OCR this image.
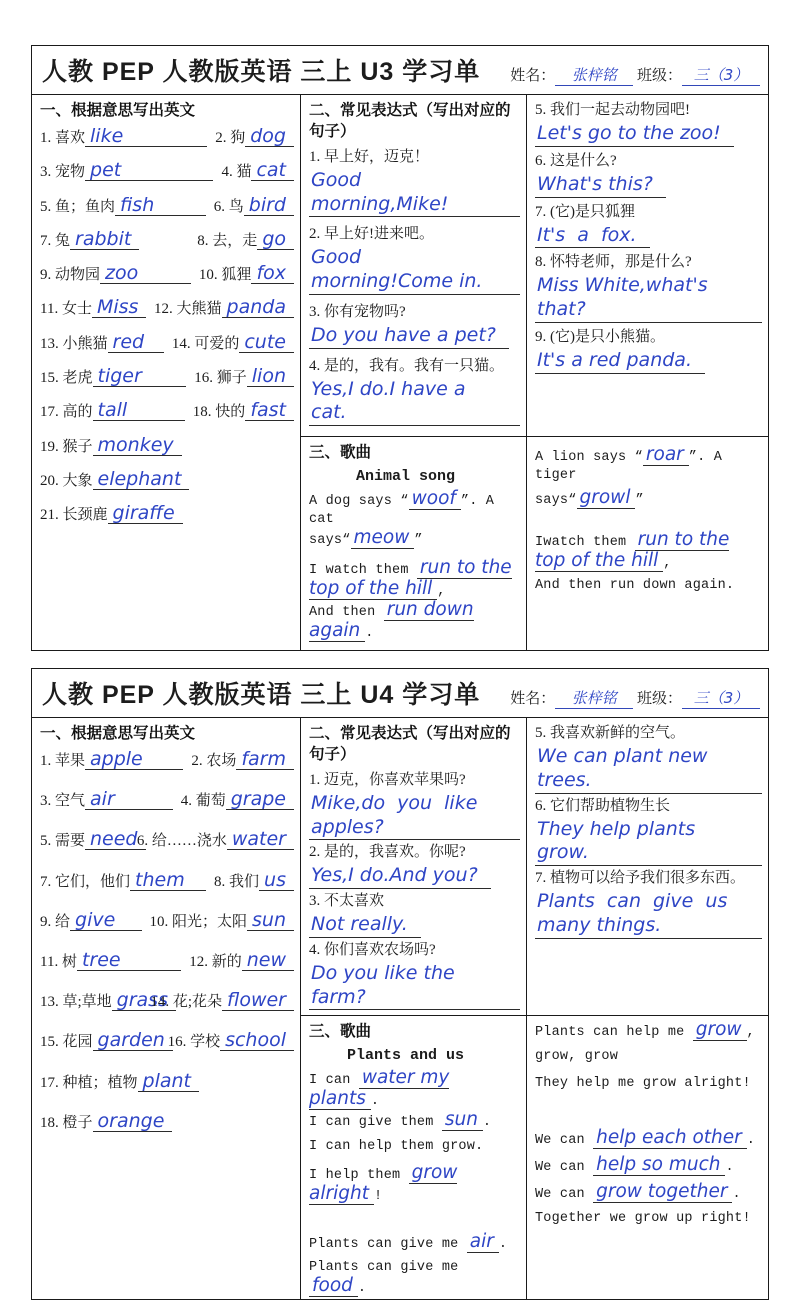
人教 PEP 人教版英语 三上 U3 学习单 姓名： 张梓铭 班级： 三（3）		

一、根据意思写出英文
1. 喜欢 like	2. 狗 dog
3. 宠物 pet	4. 猫 cat
5. 鱼；鱼肉 fish	6. 鸟 bird
7. 兔 rabbit	8. 去，走 go
9. 动物园 zoo	10. 狐狸 fox
11. 女士 Miss	12. 大熊猫 panda
13. 小熊猫 red	14. 可爱的 cute
15. 老虎 tiger	16. 狮子 lion
17. 高的 tall	18. 快的 fast
19. 猴子 monkey
20. 大象 elephant
21. 长颈鹿 giraffe

二、常见表达式（写出对应的句子）
1. 早上好，迈克！
Good  morning,Mike!
2. 早上好!进来吧。
Good morning!Come in.
3. 你有宠物吗?
Do you have a pet?
4. 是的，我有。我有一只猫。
Yes,I do.I have a cat.

5. 我们一起去动物园吧!
Let's go to the zoo!
6. 这是什么?
What's this?
7. (它)是只狐狸
It's  a  fox.
8. 怀特老师，那是什么?
Miss White,what's that?
9. (它)是只小熊猫。
It's a red panda.

三、歌曲
Animal song
A dog says “ woof ”. A cat
says“ meow ”
I watch them run to the top of the hill ,
And then run down again .

A lion says “ roar ”. A tiger
says“ growl ”
Iwatch them run to the top of the hill ,
And then run down again.
人教 PEP 人教版英语 三上 U4 学习单 姓名： 张梓铭 班级： 三（3）		

一、根据意思写出英文
1. 苹果 apple	2. 农场 farm
3. 空气 air	4. 葡萄 grape
5. 需要 need 6. 给……浇水 water
7. 它们，他们 them	8. 我们 us
9. 给 give	10. 阳光；太阳 sun
11. 树 tree	12. 新的 new
13. 草;草地 grass
14. 花;花朵 flower
15. 花园 garden 16. 学校 school
17. 种植；植物 plant
18. 橙子 orange

二、常见表达式（写出对应的句子）
1. 迈克，你喜欢苹果吗?
Mike,do  you  like apples?
2. 是的，我喜欢。你呢?
Yes,I do.And you?
3. 不太喜欢
Not really.
4. 你们喜欢农场吗?
Do you like the farm?

5. 我喜欢新鲜的空气。
We can plant new trees.
6. 它们帮助植物生长
They help plants grow.
7. 植物可以给予我们很多东西。
Plants  can  give  us  many things.

三、歌曲
Plants and us
I can water my plants .
I can give them sun .
I can help them grow.
I help them grow alright !
Plants can give me air .
Plants can give me food .

Plants can help me grow ,
grow, grow
They help me grow alright!
We can help each other .
We can help so much .
We can grow together .
Together we grow up right!
